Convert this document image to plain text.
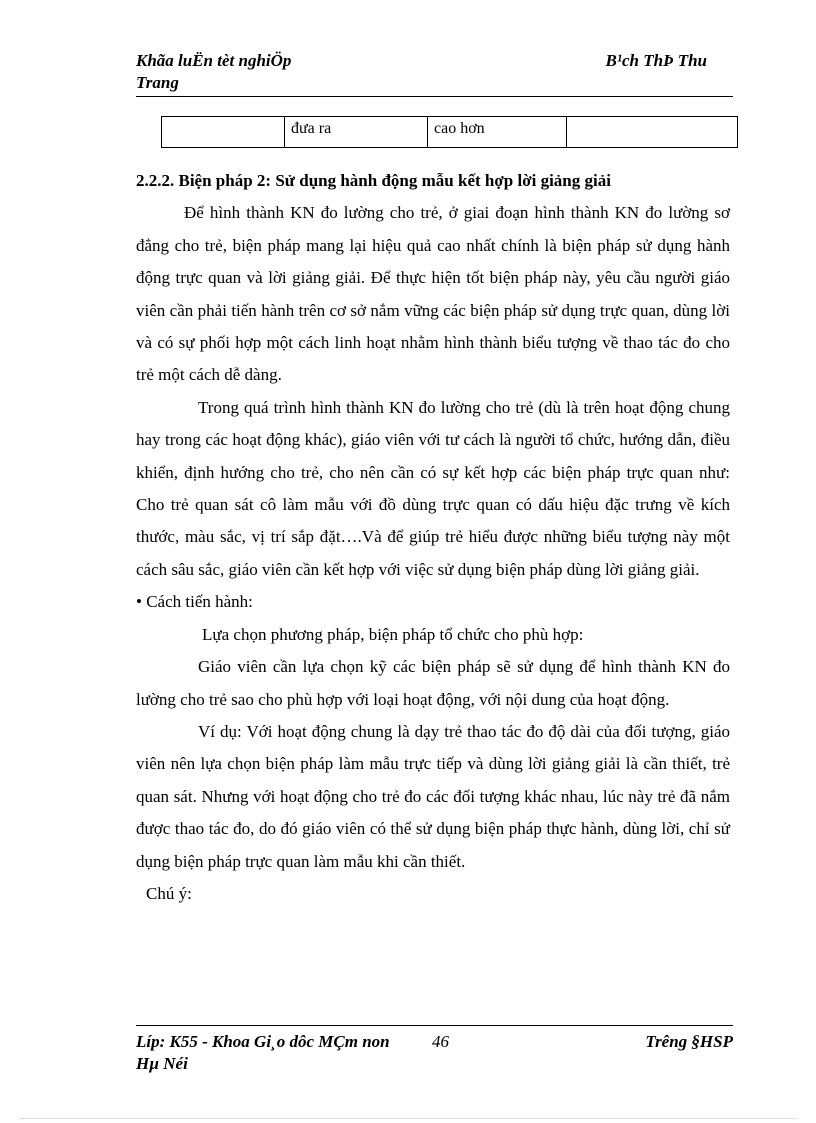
Khãa luËn tèt nghiÖp	B¹ch ThÞ Thu
Trang
	đưa ra	cao hơn	

2.2.2. Biện pháp 2: Sử dụng hành động mẫu kết hợp lời giảng giải

Để hình thành KN đo lường cho trẻ, ở giai đoạn hình thành KN đo lường sơ đẳng cho trẻ, biện pháp mang lại hiệu quả cao nhất chính là biện pháp sử dụng hành động trực quan và lời giảng giải. Để thực hiện tốt biện pháp này, yêu cầu người giáo viên cần phải tiến hành trên cơ sở nắm vững các biện pháp sử dụng trực quan, dùng lời và có sự phối hợp một cách linh hoạt nhằm hình thành biểu tượng về thao tác đo cho trẻ một cách dễ dàng.

Trong quá trình hình thành KN đo lường cho trẻ (dù là trên hoạt động chung hay trong các hoạt động khác), giáo viên với tư cách là người tổ chức, hướng dẫn, điều khiển, định hướng cho trẻ, cho nên cần có sự kết hợp các biện pháp trực quan như: Cho trẻ quan sát cô làm mẫu với đồ dùng trực quan có dấu hiệu đặc trưng về kích thước, màu sắc, vị trí sắp đặt….Và để giúp trẻ hiểu được những biểu tượng này một cách sâu sắc, giáo viên cần kết hợp với việc sử dụng biện pháp dùng lời giảng giải.

• Cách tiến hành:

Lựa chọn phương pháp, biện pháp tổ chức cho phù hợp:

Giáo viên cần lựa chọn kỹ các biện pháp sẽ sử dụng để hình thành KN đo lường cho trẻ sao cho phù hợp với loại hoạt động, với nội dung của hoạt động.

Ví dụ: Với hoạt động chung là dạy trẻ thao tác đo độ dài của đối tượng, giáo viên nên lựa chọn biện pháp làm mẫu trực tiếp và dùng lời giảng giải là cần thiết, trẻ quan sát. Nhưng với hoạt động cho trẻ đo các đối tượng khác nhau, lúc này trẻ đã nắm được thao tác đo, do đó giáo viên có thể sử dụng biện pháp thực hành, dùng lời, chỉ sử dụng biện pháp trực quan làm mẫu khi cần thiết.

Chú ý:

Líp: K55 - Khoa Gi¸o dôc MÇm non 46	Trêng §HSP
Hµ Néi
